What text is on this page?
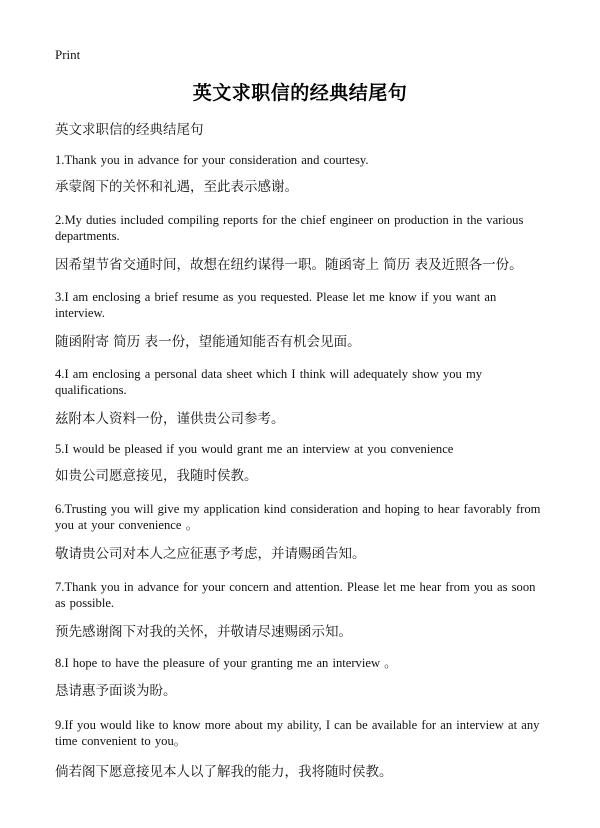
Print
英文求职信的经典结尾句
英文求职信的经典结尾句
1.Thank you in advance for your consideration and courtesy.
承蒙阁下的关怀和礼遇，至此表示感谢。
2.My duties included compiling reports for the chief engineer on production in the various departments.
因希望节省交通时间，故想在纽约谋得一职。随函寄上 简历 表及近照各一份。
3.I am enclosing a brief resume as you requested. Please let me know if you want an interview.
随函附寄 简历 表一份，望能通知能否有机会见面。
4.I am enclosing a personal data sheet which I think will adequately show you my qualifications.
兹附本人资料一份，谨供贵公司参考。
5.I would be pleased if you would grant me an interview at you convenience
如贵公司愿意接见，我随时侯教。
6.Trusting you will give my application kind consideration and hoping to hear favorably from you at your convenience 。
敬请贵公司对本人之应征惠予考虑，并请赐函告知。
7.Thank you in advance for your concern and attention. Please let me hear from you as soon as possible.
预先感谢阁下对我的关怀，并敬请尽速赐函示知。
8.I hope to have the pleasure of your granting me an interview 。
恳请惠予面谈为盼。
9.If you would like to know more about my ability, I can be available for an interview at any time convenient to you。
倘若阁下愿意接见本人以了解我的能力，我将随时侯教。
